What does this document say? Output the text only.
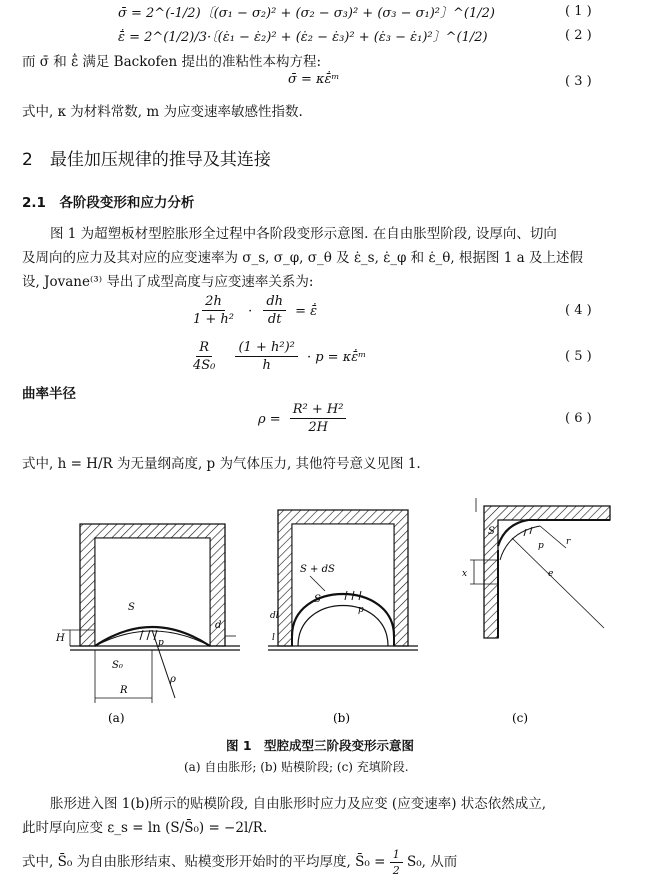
σ̄ = 2^(-1/2)〔(σ₁ − σ₂)² + (σ₂ − σ₃)² + (σ₃ − σ₁)²〕^(1/2)	( 1 )
ε̄̇ = 2^(1/2)/3·〔(ε̇₁ − ε̇₂)² + (ε̇₂ − ε̇₃)² + (ε̇₃ − ε̇₁)²〕^(1/2)	( 2 )
而 σ̄ 和 ε̄̇ 满足 Backofen 提出的准粘性本构方程:
σ̄ = κε̄̇ᵐ	( 3 )
式中, κ 为材料常数, m 为应变速率敏感性指数.
2　最佳加压规律的推导及其连接
2.1　各阶段变形和应力分析
图 1 为超塑板材型腔胀形全过程中各阶段变形示意图. 在自由胀型阶段, 设厚向、切向
及周向的应力及其对应的应变速率为 σ_s, σ_φ, σ_θ 及 ε̇_s, ε̇_φ 和 ε̇_θ, 根据图 1 a 及上述假
设, Jovane⁽³⁾ 导出了成型高度与应变速率关系为:
$\frac{2h}{\text{1 + h²}} \cdot \frac{dh}{dt}$ = ε̄̇	( 4 )
$\frac{R}{\text{4S₀}}$
$\frac{\text{(1 + h²)²}}{h} \cdot p$ = κε̄̇ᵐ	( 5 )
曲率半径
$\rho = \frac{\text{R² + H²}}{2H}$	( 6 )
式中, h = H/R 为无量纲高度, p 为气体压力, 其他符号意义见图 1.
S
S₀
H
R
ρ
p
d
S + dS
S
p
dl
l
S
p r
x	e
(a)	(b)	(c)
图 1　型腔成型三阶段变形示意图
(a) 自由胀形; (b) 贴模阶段; (c) 充填阶段.
胀形进入图 1(b)所示的贴模阶段, 自由胀形时应力及应变 (应变速率) 状态依然成立,
此时厚向应变 ε_s = ln (S/S̄₀) = −2l/R.
式中, S̄₀ 为自由胀形结束、贴模变形开始时的平均厚度, S̄₀ = $\frac{1}{2} S_0$, 从而
